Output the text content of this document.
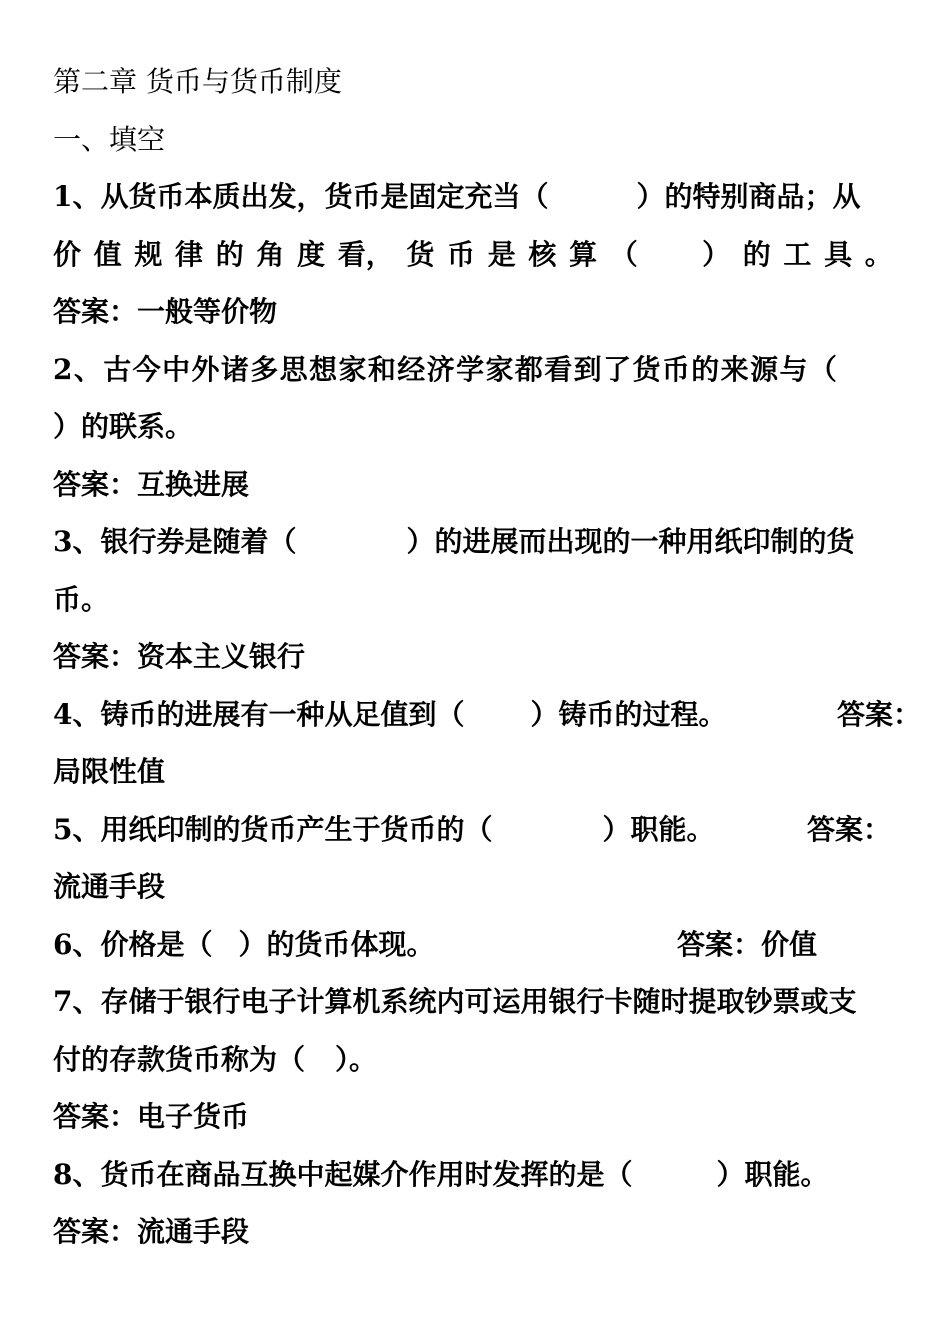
第二章 货币与货币制度
一、填空
1、从货币本质出发，货币是固定充当（	）的特别商品；从
价 值 规 律 的 角 度 看， 货 币 是 核 算 （
） 的 工 具 。
答案：一般等价物
2、古今中外诸多思想家和经济学家都看到了货币的来源与（
）的联系。
答案：互换进展
3、银行券是随着（	）的进展而出现的一种用纸印制的货
币。
答案：资本主义银行
4、铸币的进展有一种从足值到（ ）铸币的过程。	答案：
局限性值
5、用纸印制的货币产生于货币的（	）职能。	答案：
流通手段
6、价格是（ ）的货币体现。	答案：价值
7、存储于银行电子计算机系统内可运用银行卡随时提取钞票或支
付的存款货币称为（ ）。
答案：电子货币
8、货币在商品互换中起媒介作用时发挥的是（	）职能。
答案：流通手段
